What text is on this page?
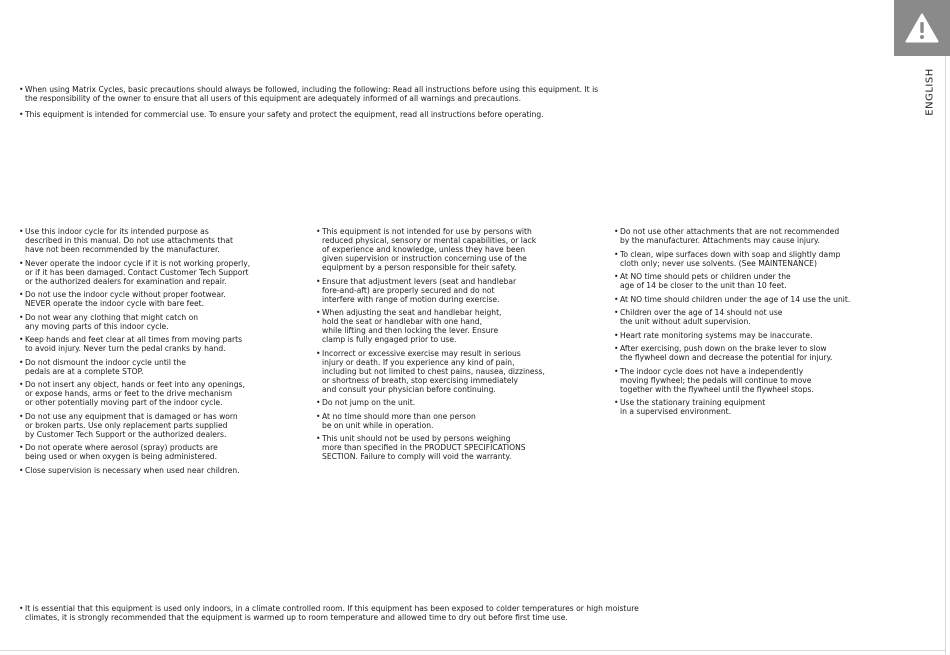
ENGLISH

• When using Matrix Cycles, basic precautions should always be followed, including the following: Read all instructions before using this equipment. It is
the responsibility of the owner to ensure that all users of this equipment are adequately informed of all warnings and precautions.

• This equipment is intended for commercial use. To ensure your safety and protect the equipment, read all instructions before operating.

• Use this indoor cycle for its intended purpose as
described in this manual. Do not use attachments that
have not been recommended by the manufacturer.

• Never operate the indoor cycle if it is not working properly,
or if it has been damaged. Contact Customer Tech Support
or the authorized dealers for examination and repair.

• Do not use the indoor cycle without proper footwear.
NEVER operate the indoor cycle with bare feet.

• Do not wear any clothing that might catch on
any moving parts of this indoor cycle.

• Keep hands and feet clear at all times from moving parts
to avoid injury. Never turn the pedal cranks by hand.

• Do not dismount the indoor cycle until the
pedals are at a complete STOP.

• Do not insert any object, hands or feet into any openings,
or expose hands, arms or feet to the drive mechanism
or other potentially moving part of the indoor cycle.

• Do not use any equipment that is damaged or has worn
or broken parts. Use only replacement parts supplied
by Customer Tech Support or the authorized dealers.

• Do not operate where aerosol (spray) products are
being used or when oxygen is being administered.

• Close supervision is necessary when used near children.

• This equipment is not intended for use by persons with
reduced physical, sensory or mental capabilities, or lack
of experience and knowledge, unless they have been
given supervision or instruction concerning use of the
equipment by a person responsible for their safety.

• Ensure that adjustment levers (seat and handlebar
fore-and-aft) are properly secured and do not
interfere with range of motion during exercise.

• When adjusting the seat and handlebar height,
hold the seat or handlebar with one hand,
while lifting and then locking the lever. Ensure
clamp is fully engaged prior to use.

• Incorrect or excessive exercise may result in serious
injury or death. If you experience any kind of pain,
including but not limited to chest pains, nausea, dizziness,
or shortness of breath, stop exercising immediately
and consult your physician before continuing.

• Do not jump on the unit.

• At no time should more than one person
be on unit while in operation.

• This unit should not be used by persons weighing
more than specified in the PRODUCT SPECIFICATIONS
SECTION. Failure to comply will void the warranty.

• Do not use other attachments that are not recommended
by the manufacturer. Attachments may cause injury.

• To clean, wipe surfaces down with soap and slightly damp
cloth only; never use solvents. (See MAINTENANCE)

• At NO time should pets or children under the
age of 14 be closer to the unit than 10 feet.

• At NO time should children under the age of 14 use the unit.

• Children over the age of 14 should not use
the unit without adult supervision.

• Heart rate monitoring systems may be inaccurate.

• After exercising, push down on the brake lever to slow
the flywheel down and decrease the potential for injury.

• The indoor cycle does not have a independently
moving flywheel; the pedals will continue to move
together with the flywheel until the flywheel stops.

• Use the stationary training equipment
in a supervised environment.

• It is essential that this equipment is used only indoors, in a climate controlled room. If this equipment has been exposed to colder temperatures or high moisture
climates, it is strongly recommended that the equipment is warmed up to room temperature and allowed time to dry out before first time use.
